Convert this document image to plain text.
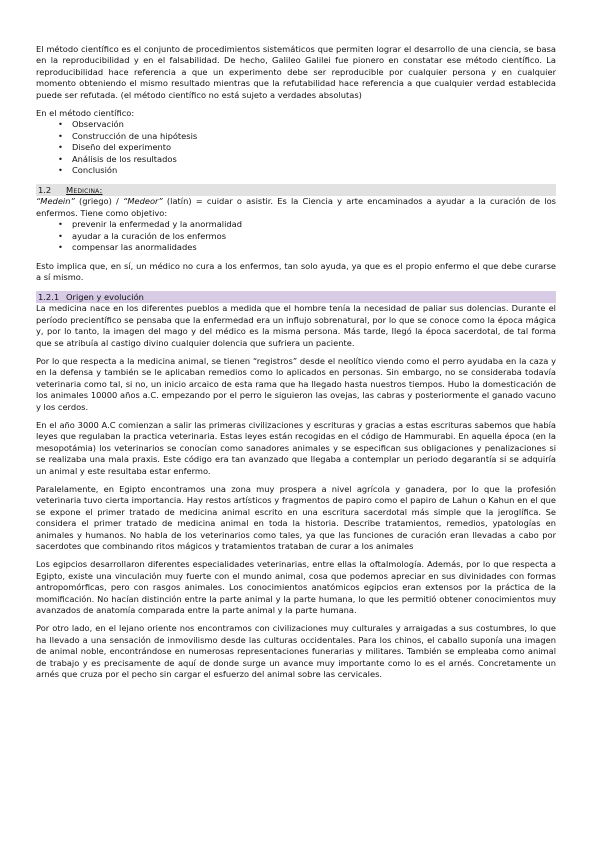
El método científico es el conjunto de procedimientos sistemáticos que permiten lograr el desarrollo de una ciencia, se basa en la reproducibilidad y en el falsabilidad. De hecho, Galileo Galilei fue pionero en constatar ese método científico. La reproducibilidad hace referencia a que un experimento debe ser reproducible por cualquier persona y en cualquier momento obteniendo el mismo resultado mientras que la refutabilidad hace referencia a que cualquier verdad establecida puede ser refutada. (el método científico no está sujeto a verdades absolutas)

En el método científico:

• Observación
• Construcción de una hipótesis
• Diseño del experimento
• Análisis de los resultados
• Conclusión
1.2	Medicina:

“Medein” (griego) / “Medeor” (latín) = cuidar o asistir. Es la Ciencia y arte encaminados a ayudar a la curación de los enfermos. Tiene como objetivo:

• prevenir la enfermedad y la anormalidad
• ayudar a la curación de los enfermos
• compensar las anormalidades

Esto implica que, en sí, un médico no cura a los enfermos, tan solo ayuda, ya que es el propio enfermo el que debe curarse a sí mismo.

1.2.1 Origen y evolución

La medicina nace en los diferentes pueblos a medida que el hombre tenía la necesidad de paliar sus dolencias. Durante el período precientífico se pensaba que la enfermedad era un influjo sobrenatural, por lo que se conoce como la época mágica y, por lo tanto, la imagen del mago y del médico es la misma persona. Más tarde, llegó la época sacerdotal, de tal forma que se atribuía al castigo divino cualquier dolencia que sufriera un paciente.

Por lo que respecta a la medicina animal, se tienen “registros” desde el neolítico viendo como el perro ayudaba en la caza y en la defensa y también se le aplicaban remedios como lo aplicados en personas. Sin embargo, no se consideraba todavía veterinaria como tal, si no, un inicio arcaico de esta rama que ha llegado hasta nuestros tiempos. Hubo la domesticación de los animales 10000 años a.C. empezando por el perro le siguieron las ovejas, las cabras y posteriormente el ganado vacuno y los cerdos.

En el año 3000 A.C comienzan a salir las primeras civilizaciones y escrituras y gracias a estas escrituras sabemos que había leyes que regulaban la practica veterinaria. Estas leyes están recogidas en el código de Hammurabi. En aquella época (en la mesopotámia) los veterinarios se conocían como sanadores animales y se especifican sus obligaciones y penalizaciones si se realizaba una mala praxis. Este código era tan avanzado que llegaba a contemplar un periodo degarantía si se adquiría un animal y este resultaba estar enfermo.

Paralelamente, en Egipto encontramos una zona muy prospera a nivel agrícola y ganadera, por lo que la profesión veterinaria tuvo cierta importancia. Hay restos artísticos y fragmentos de papiro como el papiro de Lahun o Kahun en el que se expone el primer tratado de medicina animal escrito en una escritura sacerdotal más simple que la jeroglífica. Se considera el primer tratado de medicina animal en toda la historia. Describe tratamientos, remedios, ypatologías en animales y humanos. No habla de los veterinarios como tales, ya que las funciones de curación eran llevadas a cabo por sacerdotes que combinando ritos mágicos y tratamientos trataban de curar a los animales

Los egipcios desarrollaron diferentes especialidades veterinarias, entre ellas la oftalmología. Además, por lo que respecta a Egipto, existe una vinculación muy fuerte con el mundo animal, cosa que podemos apreciar en sus divinidades con formas antropomórficas, pero con rasgos animales. Los conocimientos anatómicos egipcios eran extensos por la práctica de la momificación. No hacían distinción entre la parte animal y la parte humana, lo que les permitió obtener conocimientos muy avanzados de anatomía comparada entre la parte animal y la parte humana.

Por otro lado, en el lejano oriente nos encontramos con civilizaciones muy culturales y arraigadas a sus costumbres, lo que ha llevado a una sensación de inmovilismo desde las culturas occidentales. Para los chinos, el caballo suponía una imagen de animal noble, encontrándose en numerosas representaciones funerarias y militares. También se empleaba como animal de trabajo y es precisamente de aquí de donde surge un avance muy importante como lo es el arnés. Concretamente un arnés que cruza por el pecho sin cargar el esfuerzo del animal sobre las cervicales.
